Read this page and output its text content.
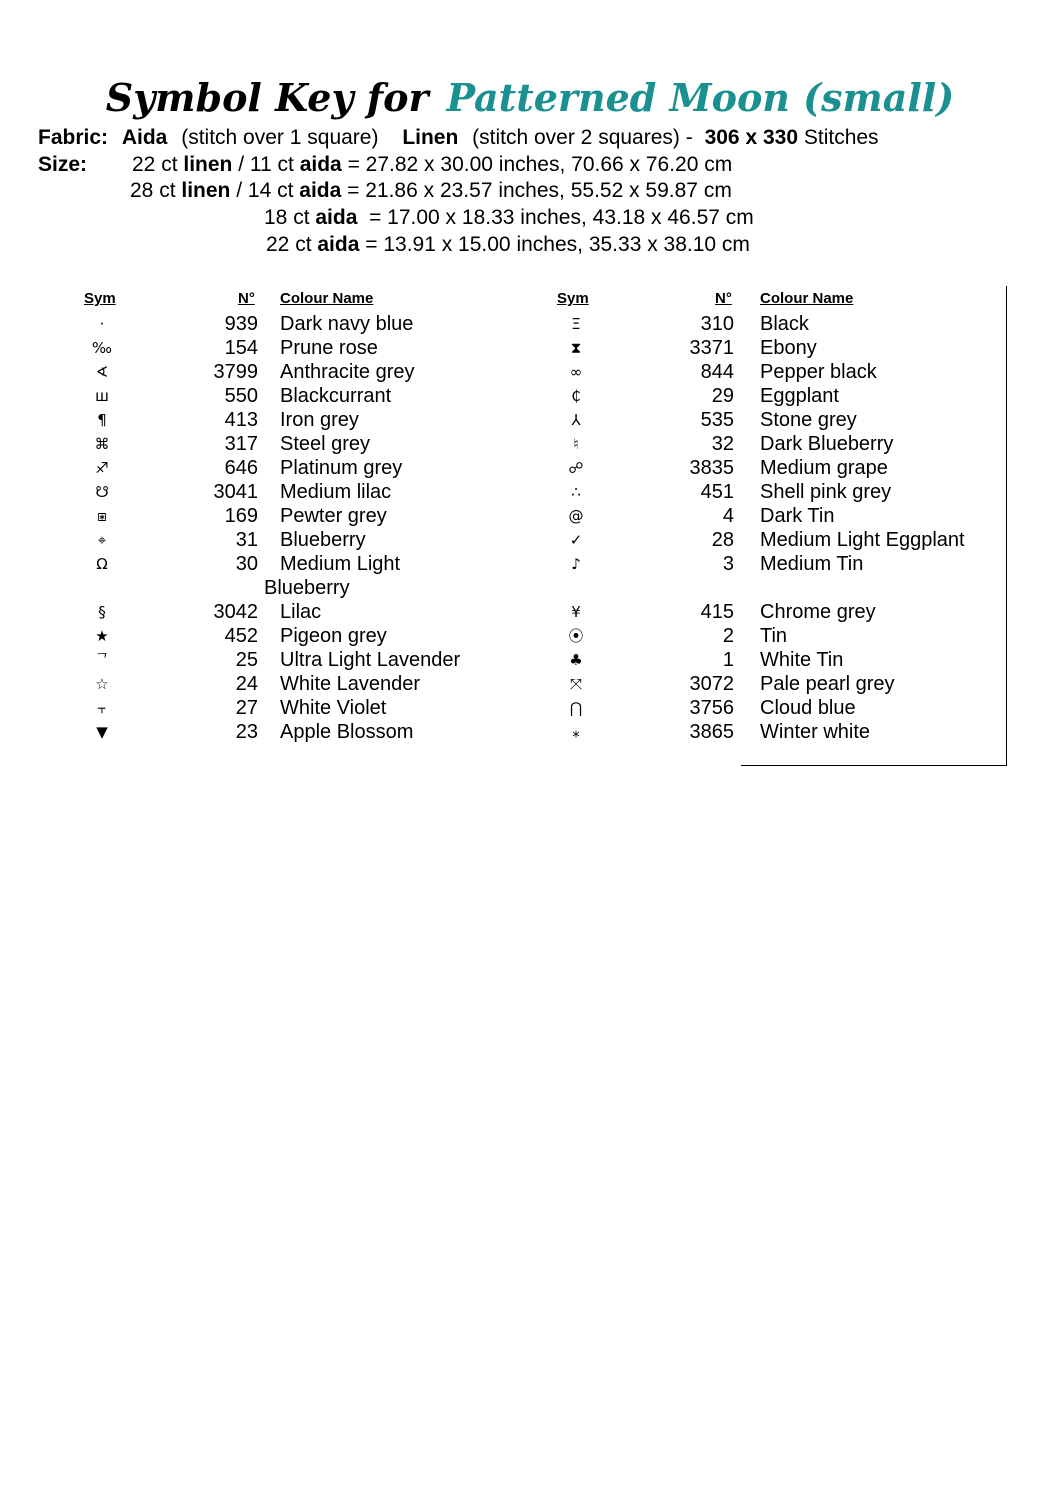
Symbol Key for Patterned Moon (small)
Fabric: Aida (stitch over 1 square) Linen (stitch over 2 squares) - 306 x 330 Stitches
Size: 22 ct linen / 11 ct aida = 27.82 x 30.00 inches, 70.66 x 76.20 cm
28 ct linen / 14 ct aida = 21.86 x 23.57 inches, 55.52 x 59.87 cm
18 ct aida  = 17.00 x 18.33 inches, 43.18 x 46.57 cm
22 ct aida = 13.91 x 15.00 inches, 35.33 x 38.10 cm
Sym	N° Colour Name
·	939 Dark navy blue
‰	154 Prune rose
∢	3799 Anthracite grey
ш	550 Blackcurrant
¶	413 Iron grey
⌘	317 Steel grey
♐	646 Platinum grey
☋	3041 Medium lilac
⧆	169 Pewter grey
⌖	31 Blueberry
Ω	30 Medium Light
Blueberry
§	3042 Lilac
★	452 Pigeon grey
ᄀ	25 Ultra Light Lavender
☆	24 White Lavender
⫟	27 White Violet
▼	23 Apple Blossom
Sym	N° Colour Name
Ξ	310 Black
⧗	3371 Ebony
∞	844 Pepper black
₵	29 Eggplant
⅄	535 Stone grey
♮	32 Dark Blueberry
☍	3835 Medium grape
∴	451 Shell pink grey
@	4 Dark Tin
✓	28 Medium Light Eggplant
♪	3 Medium Tin
¥	415 Chrome grey
⦿	2 Tin
♣	1 White Tin
⤧	3072 Pale pearl grey
⋂	3756 Cloud blue
⁎	3865 Winter white
